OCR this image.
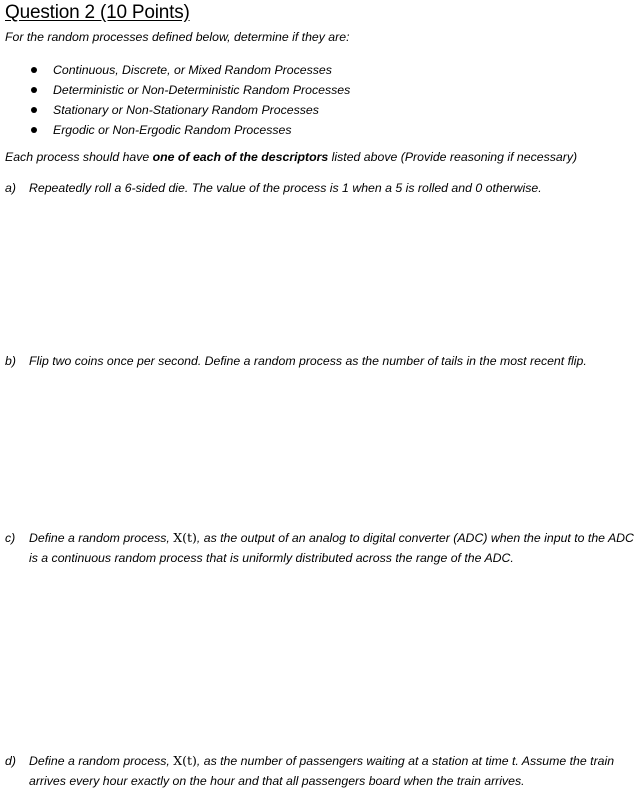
Question 2 (10 Points)
For the random processes defined below, determine if they are:
Continuous, Discrete, or Mixed Random Processes
Deterministic or Non-Deterministic Random Processes
Stationary or Non-Stationary Random Processes
Ergodic or Non-Ergodic Random Processes
Each process should have one of each of the descriptors listed above (Provide reasoning if necessary)
a) Repeatedly roll a 6-sided die. The value of the process is 1 when a 5 is rolled and 0 otherwise.
b) Flip two coins once per second. Define a random process as the number of tails in the most recent flip.
c) Define a random process, X(t), as the output of an analog to digital converter (ADC) when the input to the ADC is a continuous random process that is uniformly distributed across the range of the ADC.
d) Define a random process, X(t), as the number of passengers waiting at a station at time t. Assume the train arrives every hour exactly on the hour and that all passengers board when the train arrives.
